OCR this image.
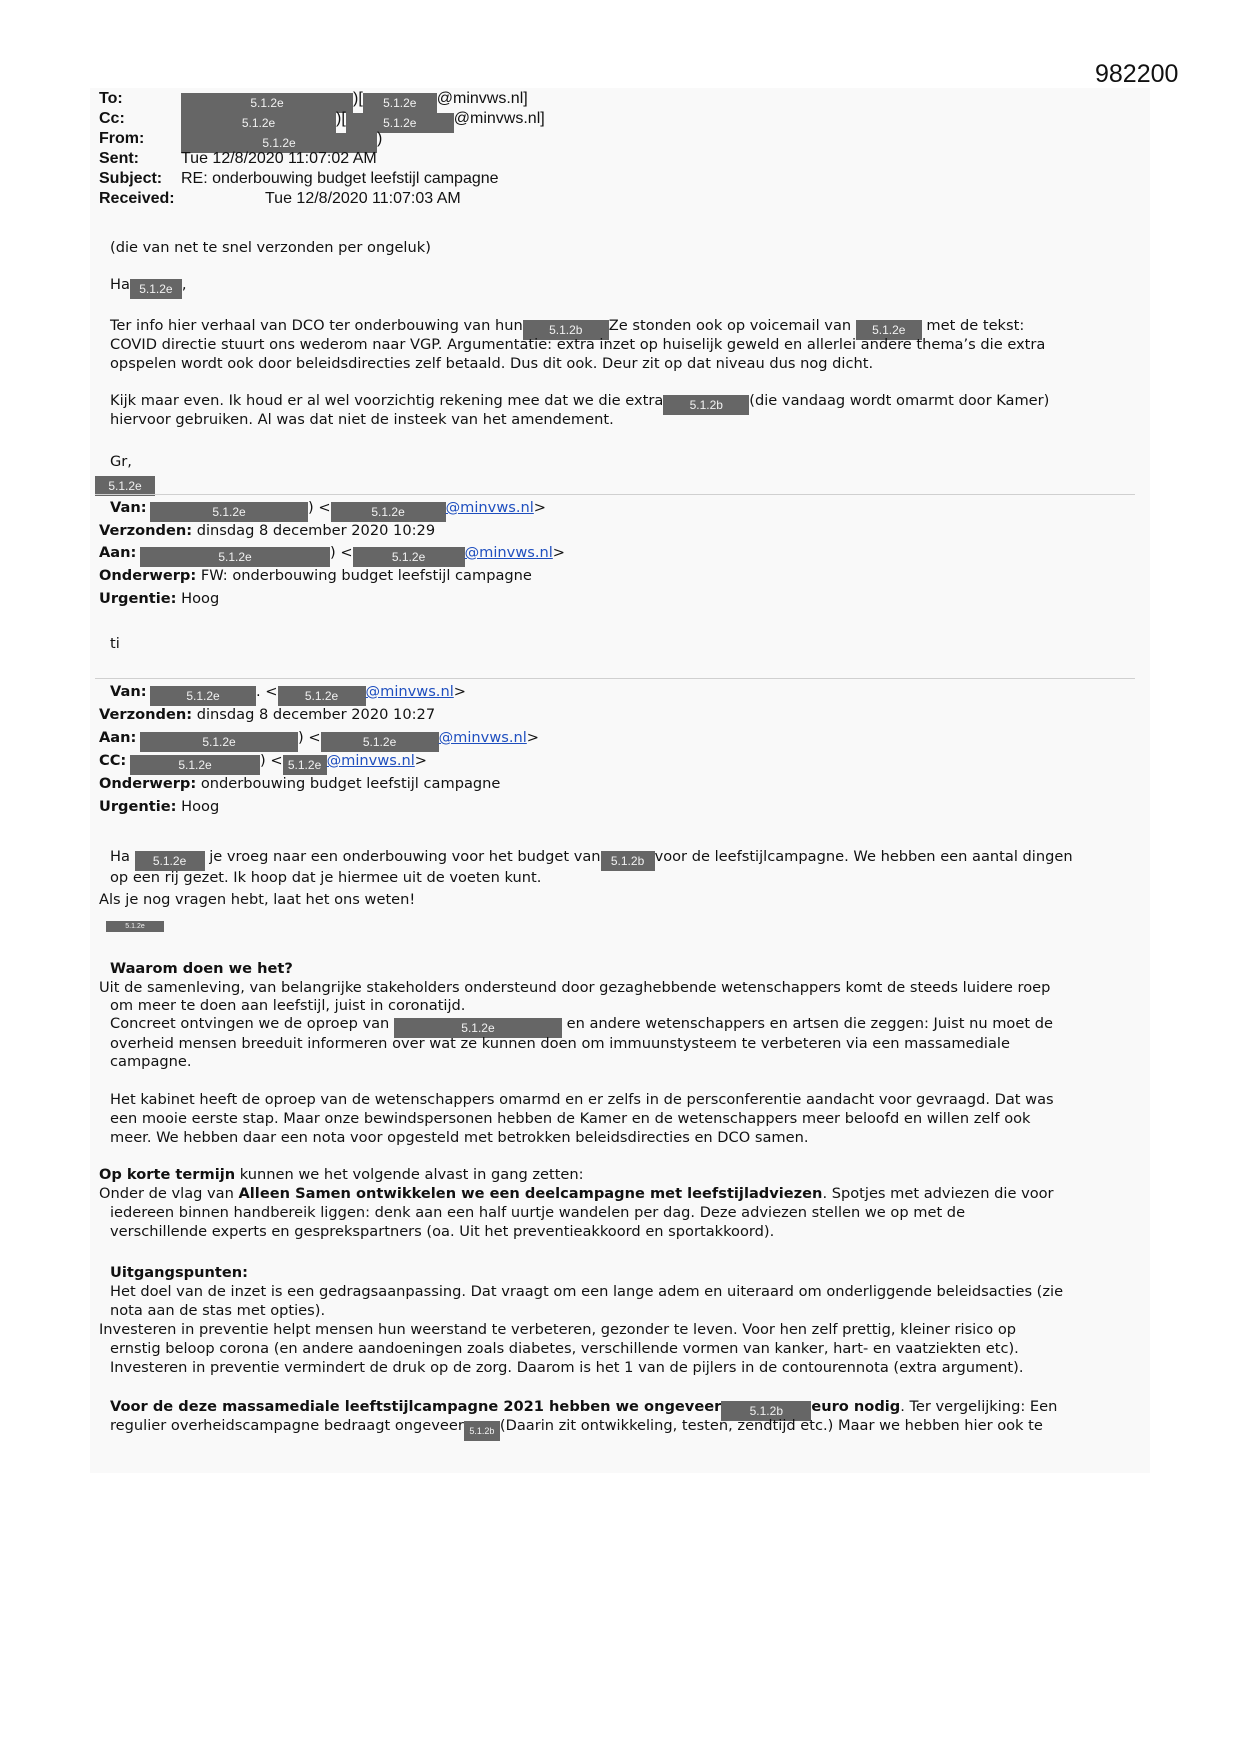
982200
To:	5.1.2e	)[ 5.1.2e @minvws.nl]
Cc:	5.1.2e	)[	5.1.2e @minvws.nl]
From:	5.1.2e	)
Sent:	Tue 12/8/2020 11:07:02 AM
Subject: RE: onderbouwing budget leefstijl campagne
Received:	Tue 12/8/2020 11:07:03 AM
(die van net te snel verzonden per ongeluk)
Ha 5.1.2e ,
Ter info hier verhaal van DCO ter onderbouwing van hun 5.1.2b Ze stonden ook op voicemail van 5.1.2e met de tekst:
COVID directie stuurt ons wederom naar VGP. Argumentatie: extra inzet op huiselijk geweld en allerlei andere thema’s die extra
opspelen wordt ook door beleidsdirecties zelf betaald. Dus dit ook. Deur zit op dat niveau dus nog dicht.
Kijk maar even. Ik houd er al wel voorzichtig rekening mee dat we die extra 5.1.2b (die vandaag wordt omarmt door Kamer)
hiervoor gebruiken. Al was dat niet de insteek van het amendement.
Gr,
5.1.2e
Van:	5.1.2e	) <	5.1.2e	@minvws.nl>
Verzonden: dinsdag 8 december 2020 10:29
Aan:	5.1.2e	) <	5.1.2e	@minvws.nl>
Onderwerp: FW: onderbouwing budget leefstijl campagne
Urgentie: Hoog
ti
Van:	5.1.2e . < 5.1.2e @minvws.nl>
Verzonden: dinsdag 8 december 2020 10:27
Aan:	5.1.2e	) <	5.1.2e	@minvws.nl>
CC:	5.1.2e	) < 5.1.2e @minvws.nl>
Onderwerp: onderbouwing budget leefstijl campagne
Urgentie: Hoog
Ha 5.1.2e je vroeg naar een onderbouwing voor het budget van 5.1.2b voor de leefstijlcampagne. We hebben een aantal dingen
op een rij gezet. Ik hoop dat je hiermee uit de voeten kunt.
Als je nog vragen hebt, laat het ons weten!
5.1.2e
Waarom doen we het?
Uit de samenleving, van belangrijke stakeholders ondersteund door gezaghebbende wetenschappers komt de steeds luidere roep
om meer te doen aan leefstijl, juist in coronatijd.
Concreet ontvingen we de oproep van	5.1.2e	en andere wetenschappers en artsen die zeggen: Juist nu moet de
overheid mensen breeduit informeren over wat ze kunnen doen om immuunstysteem te verbeteren via een massamediale
campagne.
Het kabinet heeft de oproep van de wetenschappers omarmd en er zelfs in de persconferentie aandacht voor gevraagd. Dat was
een mooie eerste stap. Maar onze bewindspersonen hebben de Kamer en de wetenschappers meer beloofd en willen zelf ook
meer. We hebben daar een nota voor opgesteld met betrokken beleidsdirecties en DCO samen.
Op korte termijn kunnen we het volgende alvast in gang zetten:
Onder de vlag van Alleen Samen ontwikkelen we een deelcampagne met leefstijladviezen. Spotjes met adviezen die voor
iedereen binnen handbereik liggen: denk aan een half uurtje wandelen per dag. Deze adviezen stellen we op met de
verschillende experts en gesprekspartners (oa. Uit het preventieakkoord en sportakkoord).
Uitgangspunten:
Het doel van de inzet is een gedragsaanpassing. Dat vraagt om een lange adem en uiteraard om onderliggende beleidsacties (zie
nota aan de stas met opties).
Investeren in preventie helpt mensen hun weerstand te verbeteren, gezonder te leven. Voor hen zelf prettig, kleiner risico op
ernstig beloop corona (en andere aandoeningen zoals diabetes, verschillende vormen van kanker, hart- en vaatziekten etc).
Investeren in preventie vermindert de druk op de zorg. Daarom is het 1 van de pijlers in de contourennota (extra argument).
Voor de deze massamediale leeftstijlcampagne 2021 hebben we ongeveer 5.1.2b euro nodig. Ter vergelijking: Een
regulier overheidscampagne bedraagt ongeveer 5.1.2b (Daarin zit ontwikkeling, testen, zendtijd etc.) Maar we hebben hier ook te
